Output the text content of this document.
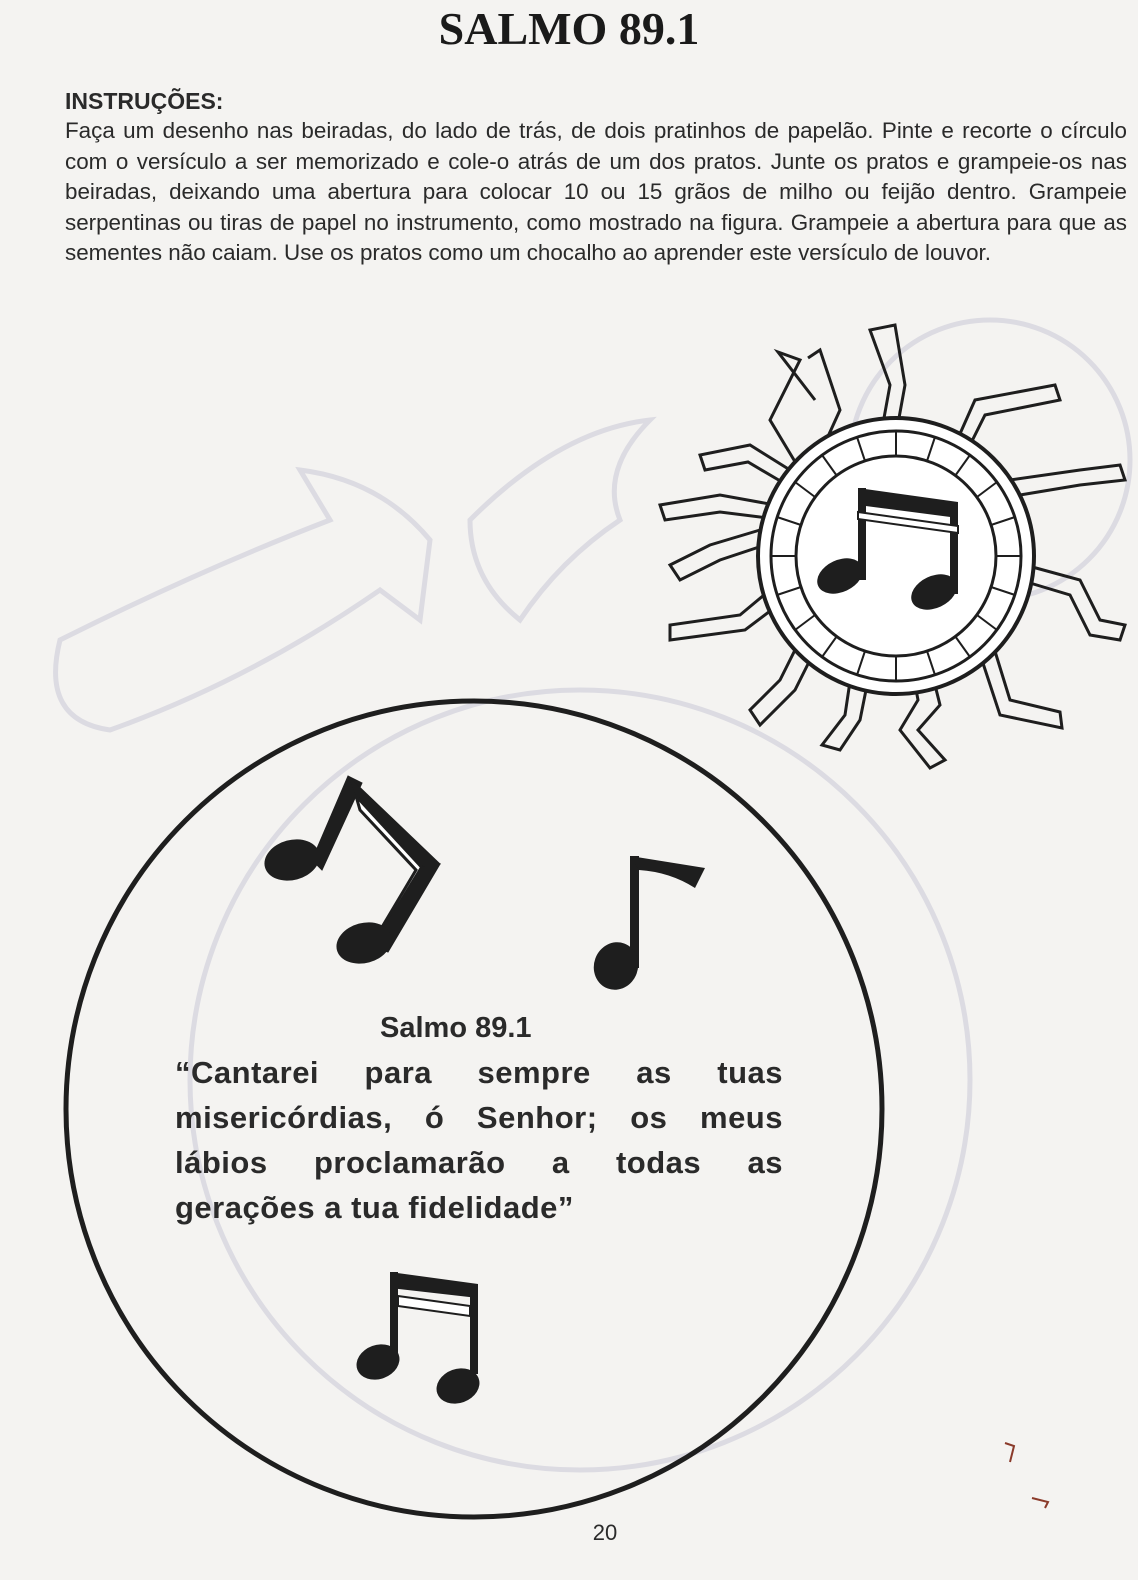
SALMO 89.1
INSTRUÇÕES:

Faça um desenho nas beiradas, do lado de trás, de dois pratinhos de papelão. Pinte e recorte o círculo com o versículo a ser memorizado e cole-o atrás de um dos pratos. Junte os pratos e grampeie-os nas beiradas, deixando uma abertura para colocar 10 ou 15 grãos de milho ou feijão dentro. Grampeie serpentinas ou tiras de papel no instrumento, como mostrado na figura. Grampeie a abertura para que as sementes não caiam. Use os pratos como um chocalho ao aprender este versículo de louvor.

Salmo 89.1

“Cantarei para sempre as tuas misericórdias, ó Senhor; os meus lábios proclamarão a todas as gerações a tua fidelidade”

20
